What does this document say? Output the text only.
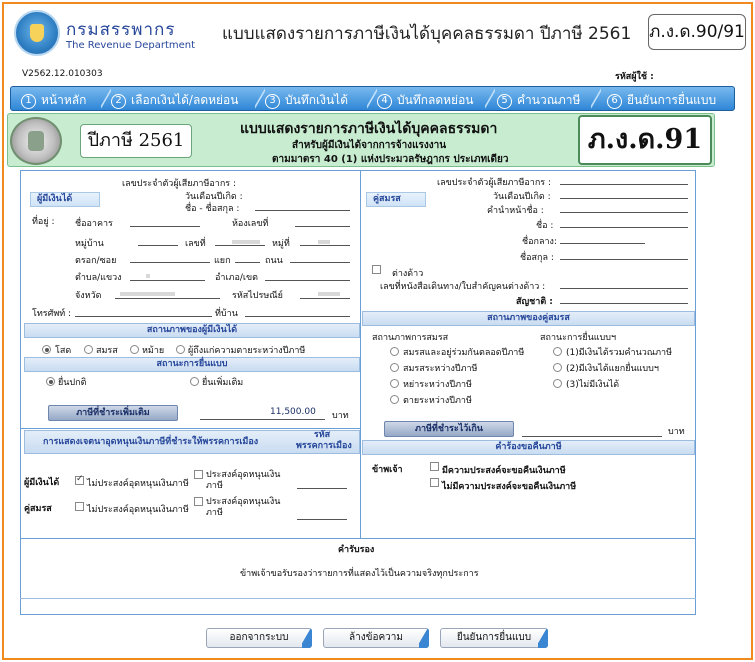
กรมสรรพากร
The Revenue Department
แบบแสดงรายการภาษีเงินได้บุคคลธรรมดา ปีภาษี 2561 ภ.ง.ด.90/91
V2562.12.010303	รหัสผู้ใช้ :
1 หน้าหลัก	2 เลือกเงินได้/ลดหย่อน	3 บันทึกเงินได้	4 บันทึกลดหย่อน	5 คำนวณภาษี	6 ยืนยันการยื่นแบบ
ปีภาษี 2561
แบบแสดงรายการภาษีเงินได้บุคคลธรรมดา
สำหรับผู้มีเงินได้จากการจ้างแรงงาน
ตามมาตรา 40 (1) แห่งประมวลรัษฎากร ประเภทเดียว
ภ.ง.ด.91
ผู้มีเงินได้
เลขประจำตัวผู้เสียภาษีอากร :
วันเดือนปีเกิด :
ชื่อ - ชื่อสกุล :
ที่อยู่ : ชื่ออาคาร	ห้องเลขที่
หมู่บ้าน	เลขที่	หมู่ที่
ตรอก/ซอย	แยก	ถนน
ตำบล/แขวง	อำเภอ/เขต
จังหวัด	รหัสไปรษณีย์
โทรศัพท์ :	ที่บ้าน
สถานภาพของผู้มีเงินได้
โสด	สมรส	หม้าย	ผู้ถึงแก่ความตายระหว่างปีภาษี
สถานะการยื่นแบบ
ยื่นปกติ	ยื่นเพิ่มเติม
ภาษีที่ชำระเพิ่มเติม	11,500.00 บาท
การแสดงเจตนาอุดหนุนเงินภาษีที่ชำระให้พรรคการเมือง
รหัสพรรคการเมือง
ผู้มีเงินได้
✓	ไม่ประสงค์อุดหนุนเงินภาษี
ประสงค์อุดหนุนเงินภาษี
คู่สมรส	ไม่ประสงค์อุดหนุนเงินภาษี
ประสงค์อุดหนุนเงินภาษี
คู่สมรส
เลขประจำตัวผู้เสียภาษีอากร :
วันเดือนปีเกิด :
คำนำหน้าชื่อ :
ชื่อ :
ชื่อกลาง:
ชื่อสกุล :
ต่างด้าว
เลขที่หนังสือเดินทาง/ใบสำคัญคนต่างด้าว :
สัญชาติ :
สถานภาพของคู่สมรส
สถานภาพการสมรส	สถานะการยื่นแบบฯ
สมรสและอยู่ร่วมกันตลอดปีภาษี
สมรสระหว่างปีภาษี
หย่าระหว่างปีภาษี
ตายระหว่างปีภาษี
(1)มีเงินได้รวมคำนวณภาษี
(2)มีเงินได้แยกยื่นแบบฯ
(3)ไม่มีเงินได้
ภาษีที่ชำระไว้เกิน	บาท
คำร้องขอคืนภาษี
ข้าพเจ้า	มีความประสงค์จะขอคืนเงินภาษี
ไม่มีความประสงค์จะขอคืนเงินภาษี
คำรับรอง
ข้าพเจ้าขอรับรองว่ารายการที่แสดงไว้เป็นความจริงทุกประการ
ออกจากระบบ	ล้างข้อความ	ยืนยันการยื่นแบบ
